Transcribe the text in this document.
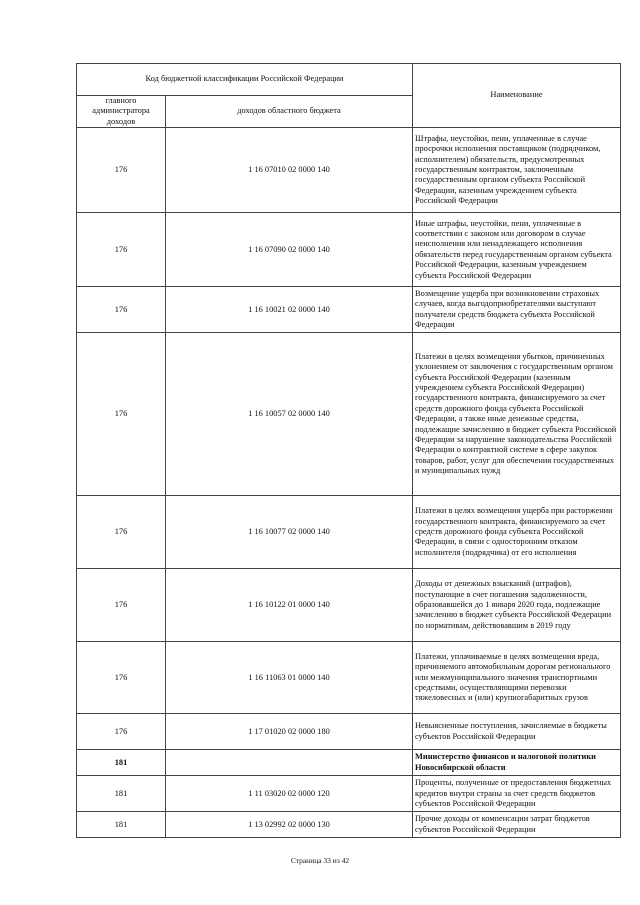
Код бюджетной классификации Российской Федерации		Наименование
главного администратора доходов	доходов областного бюджета	
176	1 16 07010 02 0000 140	Штрафы, неустойки, пени, уплаченные в случае просрочки исполнения поставщиком (подрядчиком, исполнителем) обязательств, предусмотренных государственным контрактом, заключенным государственным органом субъекта Российской Федерации, казенным учреждением субъекта Российской Федерации
176	1 16 07090 02 0000 140	Иные штрафы, неустойки, пени, уплаченные в соответствии с законом или договором в случае неисполнения или ненадлежащего исполнения обязательств перед государственным органом субъекта Российской Федерации, казенным учреждением субъекта Российской Федерации
176	1 16 10021 02 0000 140	Возмещение ущерба при возникновении страховых случаев, когда выгодоприобретателями выступают получатели средств бюджета субъекта Российской Федерации
176	1 16 10057 02 0000 140	Платежи в целях возмещения убытков, причиненных уклонением от заключения с государственным органом субъекта Российской Федерации (казенным учреждением субъекта Российской Федерации) государственного контракта, финансируемого за счет средств дорожного фонда субъекта Российской Федерации, а также иные денежные средства, подлежащие зачислению в бюджет субъекта Российской Федерации за нарушение законодательства Российской Федерации о контрактной системе в сфере закупок товаров, работ, услуг для обеспечения государственных и муниципальных нужд
176	1 16 10077 02 0000 140	Платежи в целях возмещения ущерба при расторжении государственного контракта, финансируемого за счет средств дорожного фонда субъекта Российской Федерации, в связи с односторонним отказом исполнителя (подрядчика) от его исполнения
176	1 16 10122 01 0000 140	Доходы от денежных взысканий (штрафов), поступающие в счет погашения задолженности, образовавшейся до 1 января 2020 года, подлежащие зачислению в бюджет субъекта Российской Федерации по нормативам, действовавшим в 2019 году
176	1 16 11063 01 0000 140	Платежи, уплачиваемые в целях возмещения вреда, причиняемого автомобильным дорогам регионального или межмуниципального значения транспортными средствами, осуществляющими перевозки тяжеловесных и (или) крупногабаритных грузов
176	1 17 01020 02 0000 180	Невыясненные поступления, зачисляемые в бюджеты субъектов Российской Федерации
181		Министерство финансов и налоговой политики Новосибирской области
181	1 11 03020 02 0000 120	Проценты, полученные от предоставления бюджетных кредитов внутри страны за счет средств бюджетов субъектов Российской Федерации
181	1 13 02992 02 0000 130	Прочие доходы от компенсации затрат бюджетов субъектов Российской Федерации
Страница 33 из 42
